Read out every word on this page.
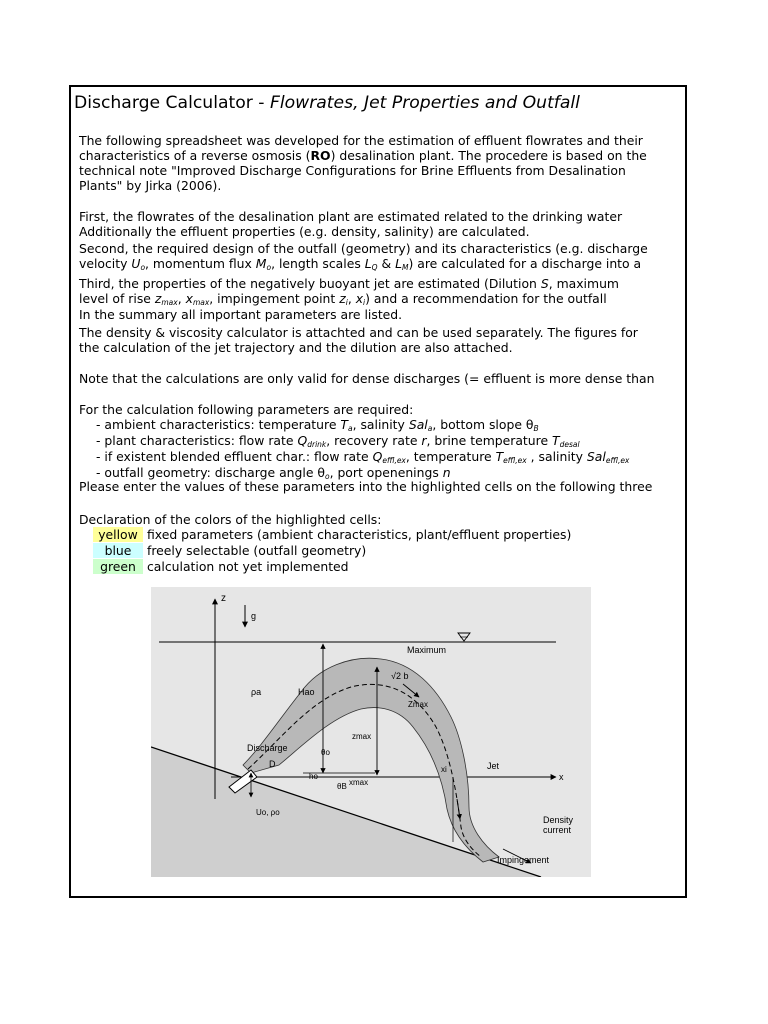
Discharge Calculator - Flowrates, Jet Properties and Outfall
The following spreadsheet was developed for the estimation of effluent flowrates and their
characteristics of a reverse osmosis (RO) desalination plant. The procedere is based on the
technical note "Improved Discharge Configurations for Brine Effluents from Desalination
Plants" by Jirka (2006).
First, the flowrates of the desalination plant are estimated related to the drinking water
Additionally the effluent properties (e.g. density, salinity) are calculated.
Second, the required design of the outfall (geometry) and its characteristics (e.g. discharge
velocity $U_o$, momentum flux $M_o$, length scales $L_Q$ & $L_M$) are calculated for a discharge into a
Third, the properties of the negatively buoyant jet are estimated (Dilution S, maximum
level of rise $z_{max}$, $x_{max}$, impingement point $z_i$, $x_i$) and a recommendation for the outfall
In the summary all important parameters are listed.
The density & viscosity calculator is attachted and can be used separately. The figures for
the calculation of the jet trajectory and the dilution are also attached.
Note that the calculations are only valid for dense discharges (= effluent is more dense than
For the calculation following parameters are required:
- ambient characteristics: temperature $T_a$, salinity Sal$_a$, bottom slope $\theta_B$
- plant characteristics: flow rate $Q_{drink}$, recovery rate r, brine temperature $T_{desal}$
- if existent blended effluent char.: flow rate $Q_{effl,ex}$, temperature $T_{effl,ex}$ , salinity Sal$_{effl,ex}$
- outfall geometry: discharge angle $\theta_o$, port openenings n
Please enter the values of these parameters into the highlighted cells on the following three
Declaration of the colors of the highlighted cells:
yellow fixed parameters (ambient characteristics, plant/effluent properties)
blue freely selectable (outfall geometry)
green calculation not yet implemented
z
g
x
Hao
zmax
xmax
xi
Maximum
√2 b
Zmax
ρa
Discharge
D
θo
ho
θB
Uo, ρo
Jet
Impingement
Density
current
